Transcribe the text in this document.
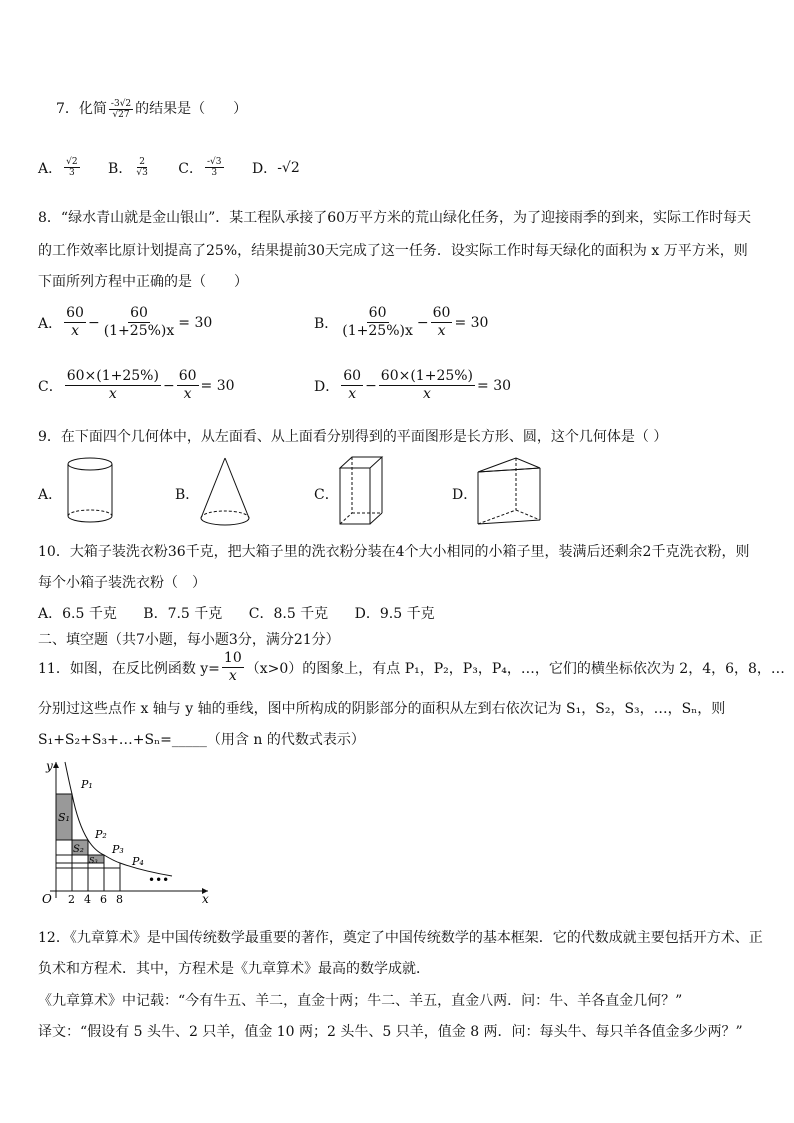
7．化简 $\frac{-3√2}{√27}$ 的结果是（　　）
A． $\frac{√2}{3}$
B． $\frac{2}{√3}$
C． $\frac{-√3}{3}$
D． -√2
8．“绿水青山就是金山银山”．某工程队承接了60万平方米的荒山绿化任务，为了迎接雨季的到来，实际工作时每天
的工作效率比原计划提高了25%，结果提前30天完成了这一任务．设实际工作时每天绿化的面积为 x 万平方米，则
下面所列方程中正确的是（　　）
A． $\frac{60}{x} - \frac{60}{(1+25\%)x} = 30$	B． $\frac{60}{(1+25\%)x} - \frac{60}{x} = 30$
C． $\frac{60\times(1+25\%)}{x} - \frac{60}{x} = 30$	D． $\frac{60}{x} - \frac{60\times(1+25\%)}{x} = 30$
9．在下面四个几何体中，从左面看、从上面看分别得到的平面图形是长方形、圆，这个几何体是（ ）
A．	B．	C．	D．
10．大箱子装洗衣粉36千克，把大箱子里的洗衣粉分装在4个大小相同的小箱子里，装满后还剩余2千克洗衣粉，则
每个小箱子装洗衣粉（　）
A．6.5 千克 B．7.5 千克 C．8.5 千克 D．9.5 千克
二、填空题（共7小题，每小题3分，满分21分）
11．如图，在反比例函数 $y= \frac{10}{x} (x>0)$的图象上，有点 P₁，P₂，P₃，P₄，…，它们的横坐标依次为 2，4，6，8，…
分别过这些点作 x 轴与 y 轴的垂线，图中所构成的阴影部分的面积从左到右依次记为 S₁，S₂，S₃，…，Sₙ，则
S₁+S₂+S₃+…+Sₙ=_____（用含 n 的代数式表示）
y
x
O 2 4 6 8
P₁
P₂
P₃
P₄
S₁
S₂
S₃
•••
12．《九章算术》是中国传统数学最重要的著作，奠定了中国传统数学的基本框架．它的代数成就主要包括开方术、正
负术和方程术．其中，方程术是《九章算术》最高的数学成就．
《九章算术》中记载：“今有牛五、羊二，直金十两；牛二、羊五，直金八两．问：牛、羊各直金几何？”
译文：“假设有 5 头牛、2 只羊，值金 10 两；2 头牛、5 只羊，值金 8 两．问：每头牛、每只羊各值金多少两？”
